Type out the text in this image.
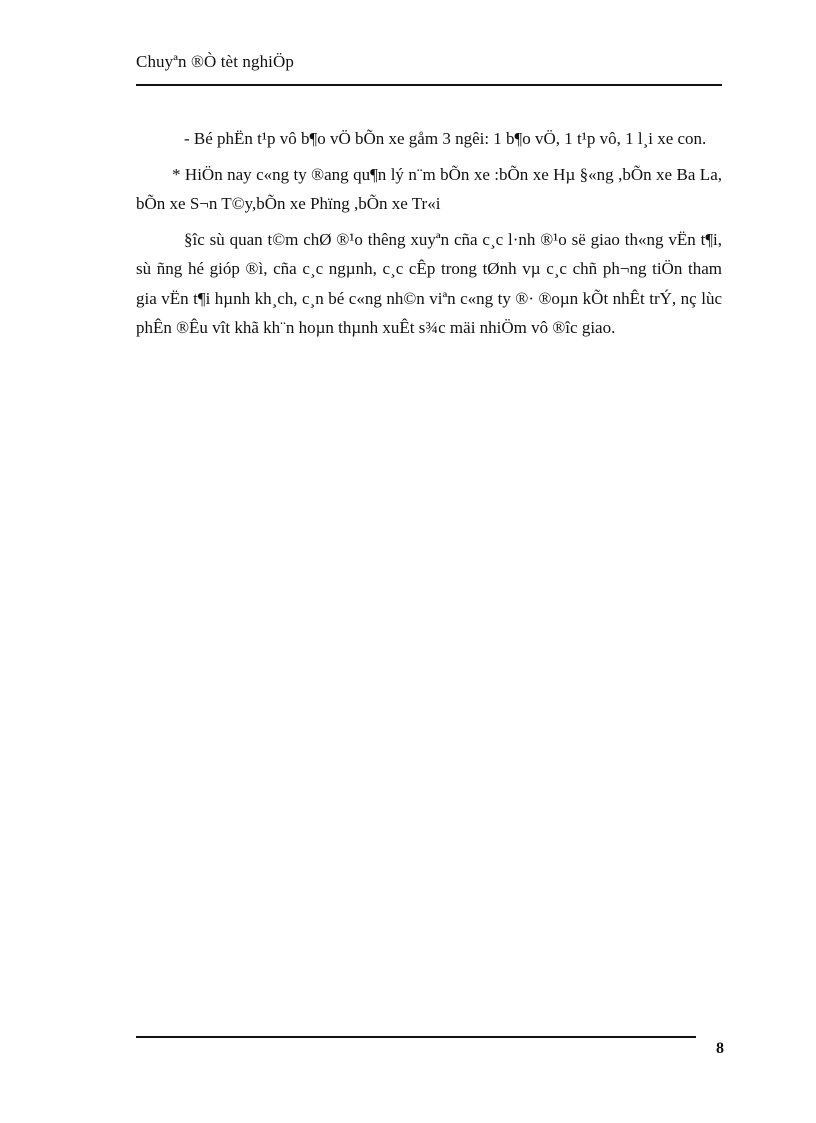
Chuyªn ®Ò tèt nghiÖp

- Bé phËn t¹p vô b¶o vÖ bÕn xe gåm 3 ngêi: 1 b¶o vÖ, 1 t¹p vô, 1 l¸i xe con.

* HiÖn nay c«ng ty ®ang qu¶n lý n¨m bÕn xe :bÕn xe Hµ §«ng ,bÕn xe Ba La, bÕn xe S¬n T©y,bÕn xe Phïng ,bÕn xe Tr«i

§îc sù quan t©m chØ ®¹o thêng xuyªn cña c¸c l·nh ®¹o së giao th«ng vËn t¶i, sù ñng hé gióp ®ì, cña c¸c ngµnh, c¸c cÊp trong tØnh vµ c¸c chñ ph¬ng tiÖn tham gia vËn t¶i hµnh kh¸ch, c¸n bé c«ng nh©n viªn c«ng ty ®· ®oµn kÕt nhÊt trÝ, nç lùc phÊn ®Êu vît khã kh¨n hoµn thµnh xuÊt s¾c mäi nhiÖm vô ®îc giao.

8
